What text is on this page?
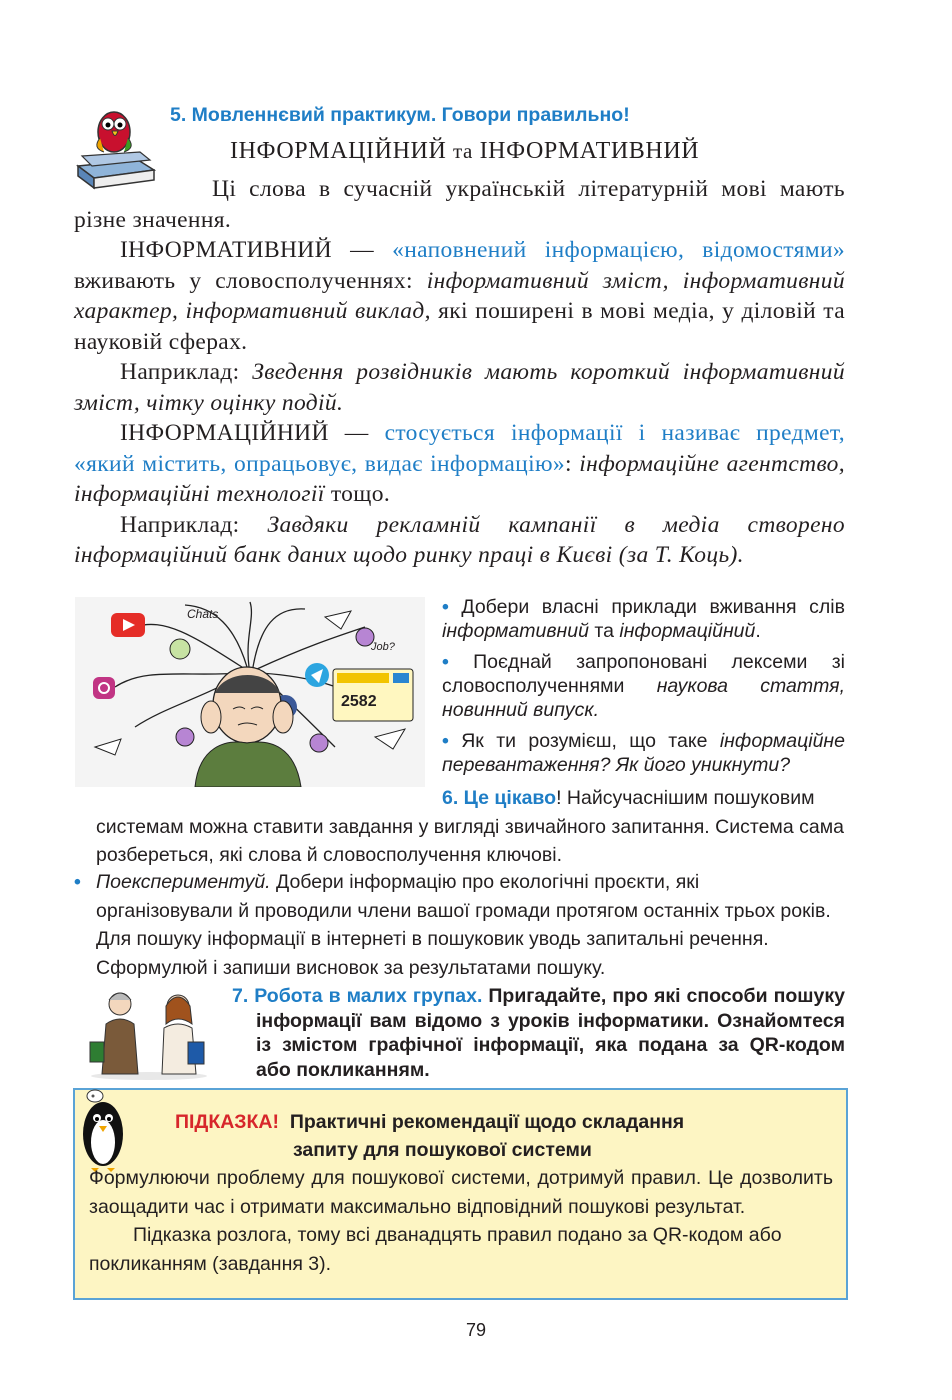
5. Мовленнєвий практикум. Говори правильно!
ІНФОРМАЦІЙНИЙ та ІНФОРМАТИВНИЙ

Ці слова в сучасній українській літературній мові мають різне значення.

ІНФОРМАТИВНИЙ — «наповнений інформацією, відомостями» вживають у словосполученнях: інформативний зміст, інформативний характер, інформативний виклад, які поширені в мові медіа, у діловій та науковій сферах.

Наприклад: Зведення розвідників мають короткий інформативний зміст, чітку оцінку подій.

ІНФОРМАЦІЙНИЙ — стосується інформації і називає предмет, «який містить, опрацьовує, видає інформацію»: інформаційне агентство, інформаційні технології тощо.

Наприклад: Завдяки рекламній кампанії в медіа створено інформаційний банк даних щодо ринку праці в Києві (за Т. Коць).

Chats
2582
Job?

• Добери власні приклади вживання слів інформативний та інформаційний.

• Поєднай запропоновані лексеми зі словосполученнями наукова стаття, новинний випуск.

• Як ти розумієш, що таке інформаційне перевантаження? Як його уникнути?

6. Це цікаво! Найсучаснішим пошуковим системам можна ставити завдання у вигляді звичайного запитання. Система сама розбереться, які слова й словосполучення ключові.
• Поекспериментуй. Добери інформацію про екологічні проєкти, які організовували й проводили члени вашої громади протягом останніх трьох років. Для пошуку інформації в інтернеті в пошуковик уводь запитальні речення. Сформулюй і запиши висновок за результатами пошуку.
7. Робота в малих групах. Пригадайте, про які способи пошуку інформації вам відомо з уроків інформатики. Ознайомтеся із змістом графічної інформації, яка подана за QR-кодом або покликанням.
ПІДКАЗКА! Практичні рекомендації щодо складання
запиту для пошукової системи

Формулюючи проблему для пошукової системи, дотримуй правил. Це дозволить заощадити час і отримати максимально відповідний пошукові результат.

Підказка розлога, тому всі дванадцять правил подано за QR-кодом або покликанням (завдання 3).

79
